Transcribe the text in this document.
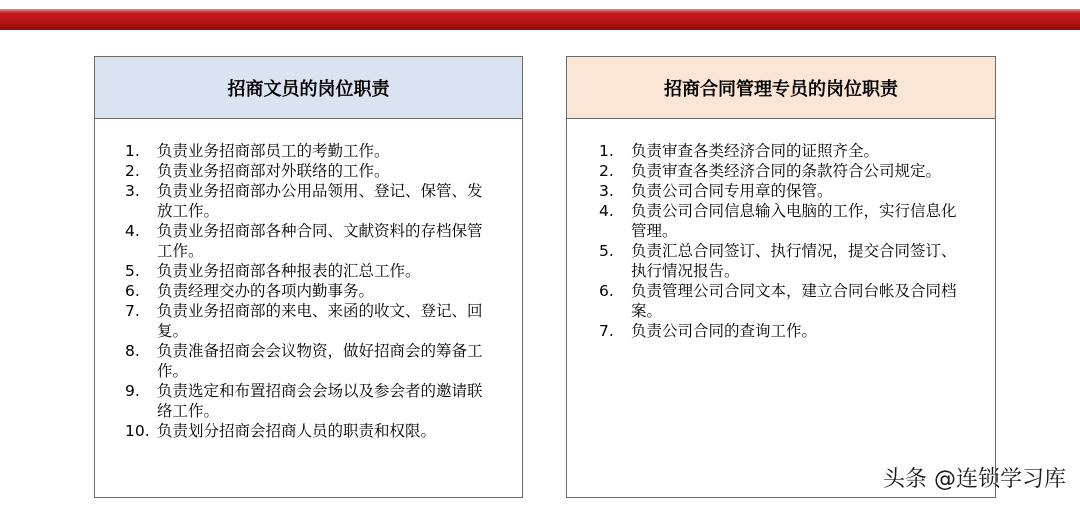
招商文员的岗位职责
1.	负责业务招商部员工的考勤工作。
2.	负责业务招商部对外联络的工作。
3.	负责业务招商部办公用品领用、登记、保管、发放工作。
4.	负责业务招商部各种合同、文献资料的存档保管工作。
5.	负责业务招商部各种报表的汇总工作。
6.	负责经理交办的各项内勤事务。
7.	负责业务招商部的来电、来函的收文、登记、回复。
8.	负责准备招商会会议物资，做好招商会的筹备工作。
9.	负责选定和布置招商会会场以及参会者的邀请联络工作。
10. 负责划分招商会招商人员的职责和权限。
招商合同管理专员的岗位职责
1.	负责审查各类经济合同的证照齐全。
2.	负责审查各类经济合同的条款符合公司规定。
3.	负责公司合同专用章的保管。
4.	负责公司合同信息输入电脑的工作，实行信息化管理。
5.	负责汇总合同签订、执行情况，提交合同签订、执行情况报告。
6.	负责管理公司合同文本，建立合同台帐及合同档案。
7.	负责公司合同的查询工作。
头条 @连锁学习库
